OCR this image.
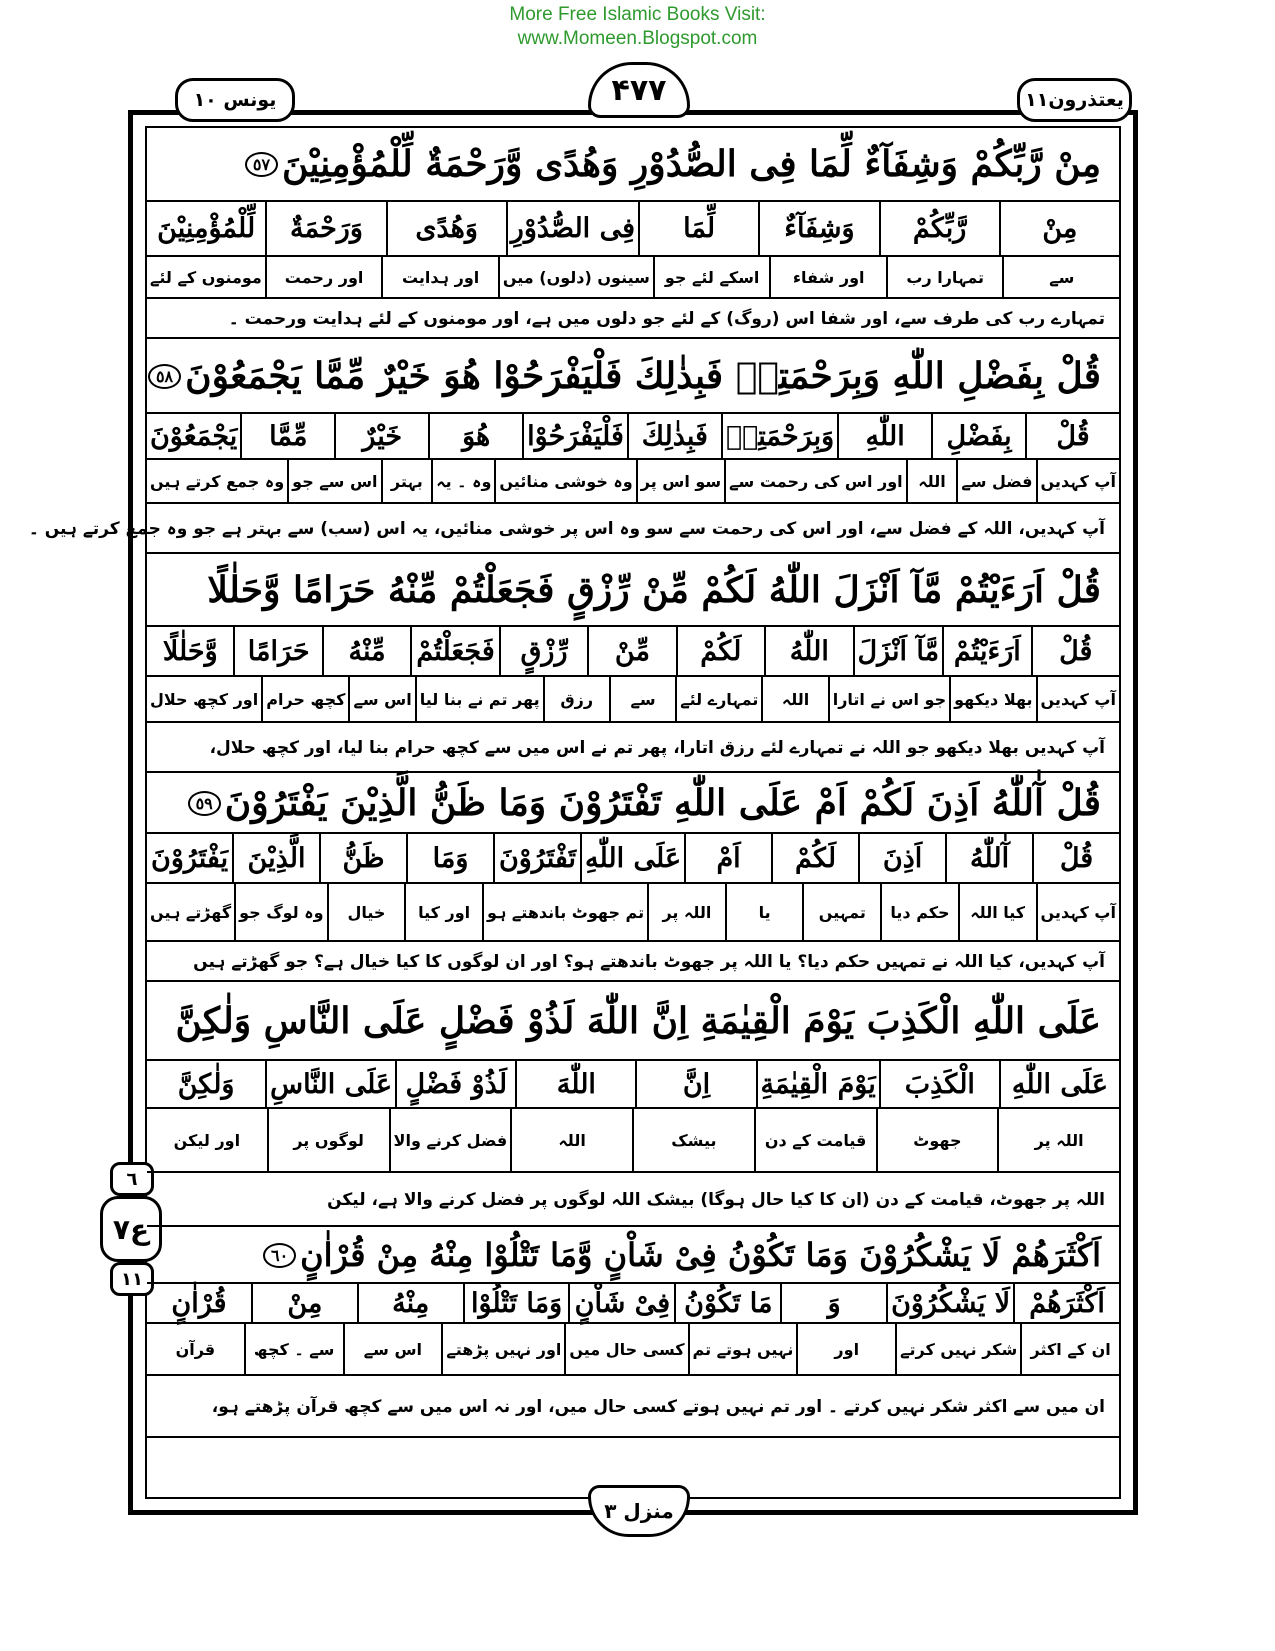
More Free Islamic Books Visit:
www.Momeen.Blogspot.com
یعتذرون۱۱
یونس ۱۰	۴۷۷
منزل ۳
٦
ع٧
١١
مِنْ رَّبِّكُمْ وَشِفَآءٌ لِّمَا فِى الصُّدُوْرِ وَهُدًى وَّرَحْمَةٌ لِّلْمُؤْمِنِيْنَ
٥٧
مِنْ
رَّبِّكُمْ
وَشِفَآءٌ
لِّمَا
فِى الصُّدُوْرِ
وَهُدًى
وَرَحْمَةٌ
لِّلْمُؤْمِنِيْنَ
سے
تمہارا رب
اور شفاء
اسکے لئے جو
سینوں (دلوں) میں
اور ہدایت
اور رحمت
مومنوں کے لئے
تمہارے رب کی طرف سے، اور شفا اس (روگ) کے لئے جو دلوں میں ہے، اور مومنوں کے لئے ہدایت ورحمت ۔
قُلْ بِفَضْلِ اللّٰهِ وَبِرَحْمَتِهٖ فَبِذٰلِكَ فَلْيَفْرَحُوْا هُوَ خَيْرٌ مِّمَّا يَجْمَعُوْنَ
٥٨
قُلْ
بِفَضْلِ
اللّٰهِ
وَبِرَحْمَتِهٖ
فَبِذٰلِكَ
فَلْيَفْرَحُوْا
هُوَ
خَيْرٌ
مِّمَّا
يَجْمَعُوْنَ
آپ کہدیں
فضل سے
اللہ
اور اس کی رحمت سے
سو اس پر
وہ خوشی منائیں
وہ ۔ یہ
بہتر
اس سے جو
وہ جمع کرتے ہیں
آپ کہدیں، اللہ کے فضل سے، اور اس کی رحمت سے سو وہ اس پر خوشی منائیں، یہ اس (سب) سے بہتر ہے جو وہ جمع کرتے ہیں ۔
قُلْ اَرَءَيْتُمْ مَّآ اَنْزَلَ اللّٰهُ لَكُمْ مِّنْ رِّزْقٍ فَجَعَلْتُمْ مِّنْهُ حَرَامًا وَّحَلٰلًا
قُلْ
اَرَءَيْتُمْ
مَّآ اَنْزَلَ
اللّٰهُ
لَكُمْ
مِّنْ
رِّزْقٍ
فَجَعَلْتُمْ
مِّنْهُ
حَرَامًا
وَّحَلٰلًا
آپ کہدیں
بھلا دیکھو
جو اس نے اتارا
اللہ
تمہارے لئے
سے
رزق
پھر تم نے بنا لیا
اس سے
کچھ حرام
اور کچھ حلال
آپ کہدیں بھلا دیکھو جو اللہ نے تمہارے لئے رزق اتارا، پھر تم نے اس میں سے کچھ حرام بنا لیا، اور کچھ حلال،
قُلْ آٰللّٰهُ اَذِنَ لَكُمْ اَمْ عَلَى اللّٰهِ تَفْتَرُوْنَ وَمَا ظَنُّ الَّذِيْنَ يَفْتَرُوْنَ
٥٩
قُلْ
آٰللّٰهُ
اَذِنَ
لَكُمْ
اَمْ
عَلَى اللّٰهِ
تَفْتَرُوْنَ
وَمَا
ظَنُّ
الَّذِيْنَ
يَفْتَرُوْنَ
آپ کہدیں
کیا اللہ
حکم دیا
تمہیں
یا
اللہ پر
تم جھوٹ باندھتے ہو
اور کیا
خیال
وہ لوگ جو
گھڑتے ہیں
آپ کہدیں، کیا اللہ نے تمہیں حکم دیا؟ یا اللہ پر جھوٹ باندھتے ہو؟ اور ان لوگوں کا کیا خیال ہے؟ جو گھڑتے ہیں
عَلَى اللّٰهِ الْكَذِبَ يَوْمَ الْقِيٰمَةِ اِنَّ اللّٰهَ لَذُوْ فَضْلٍ عَلَى النَّاسِ وَلٰكِنَّ
عَلَى اللّٰهِ
الْكَذِبَ
يَوْمَ الْقِيٰمَةِ
اِنَّ
اللّٰهَ
لَذُوْ فَضْلٍ
عَلَى النَّاسِ
وَلٰكِنَّ
اللہ پر
جھوٹ
قیامت کے دن
بیشک
اللہ
فضل کرنے والا
لوگوں پر
اور لیکن
اللہ پر جھوٹ، قیامت کے دن (ان کا کیا حال ہوگا) بیشک اللہ لوگوں پر فضل کرنے والا ہے، لیکن
اَكْثَرَهُمْ لَا يَشْكُرُوْنَ وَمَا تَكُوْنُ فِىْ شَاْنٍ وَّمَا تَتْلُوْا مِنْهُ مِنْ قُرْاٰنٍ
٦٠
اَكْثَرَهُمْ
لَا يَشْكُرُوْنَ
وَ
مَا تَكُوْنُ
فِىْ شَاْنٍ
وَمَا تَتْلُوْا
مِنْهُ
مِنْ
قُرْاٰنٍ
ان کے اکثر
شکر نہیں کرتے
اور
نہیں ہوتے تم
کسی حال میں
اور نہیں پڑھتے
اس سے
سے ۔ کچھ
قرآن
ان میں سے اکثر شکر نہیں کرتے ۔ اور تم نہیں ہوتے کسی حال میں، اور نہ اس میں سے کچھ قرآن پڑھتے ہو،
